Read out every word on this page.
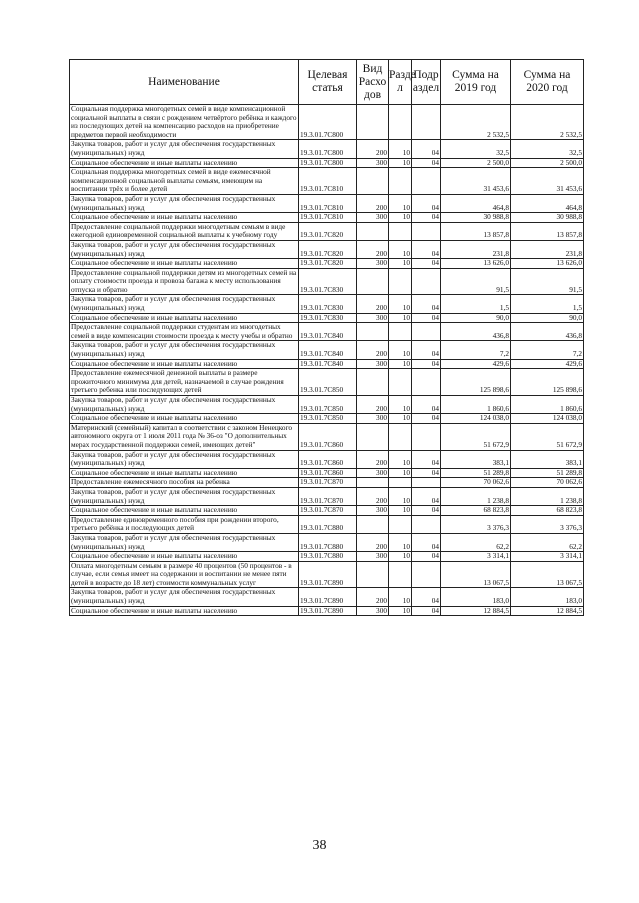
Наименование	Целевая статья	Вид Расхо дов	Разде л	Подр аздел	Сумма на 2019 год	Сумма на 2020 год
Социальная поддержка многодетных семей в виде компенсационной социальной выплаты в связи с рождением четвёртого ребёнка и каждого из последующих детей на компенсацию расходов на приобретение предметов первой необходимости	19.3.01.7С800				2 532,5	2 532,5
Закупка товаров, работ и услуг для обеспечения государственных (муниципальных) нужд	19.3.01.7С800	200	10	04	32,5	32,5
Социальное обеспечение и иные выплаты населению	19.3.01.7С800	300	10	04	2 500,0	2 500,0
Социальная поддержка многодетных семей в виде ежемесячной компенсационной социальной выплаты семьям, имеющим на воспитании трёх и более детей	19.3.01.7С810				31 453,6	31 453,6
Закупка товаров, работ и услуг для обеспечения государственных (муниципальных) нужд	19.3.01.7С810	200	10	04	464,8	464,8
Социальное обеспечение и иные выплаты населению	19.3.01.7С810	300	10	04	30 988,8	30 988,8
Предоставление социальной поддержки многодетным семьям в виде ежегодной единовременной социальной выплаты к учебному году	19.3.01.7С820				13 857,8	13 857,8
Закупка товаров, работ и услуг для обеспечения государственных (муниципальных) нужд	19.3.01.7С820	200	10	04	231,8	231,8
Социальное обеспечение и иные выплаты населению	19.3.01.7С820	300	10	04	13 626,0	13 626,0
Предоставление социальной поддержки детям из многодетных семей на оплату стоимости проезда и провоза багажа к месту использования отпуска и обратно	19.3.01.7С830				91,5	91,5
Закупка товаров, работ и услуг для обеспечения государственных (муниципальных) нужд	19.3.01.7С830	200	10	04	1,5	1,5
Социальное обеспечение и иные выплаты населению	19.3.01.7С830	300	10	04	90,0	90,0
Предоставление социальной поддержки студентам из многодетных семей в виде компенсации стоимости проезда к месту учебы и обратно	19.3.01.7С840				436,8	436,8
Закупка товаров, работ и услуг для обеспечения государственных (муниципальных) нужд	19.3.01.7С840	200	10	04	7,2	7,2
Социальное обеспечение и иные выплаты населению	19.3.01.7С840	300	10	04	429,6	429,6
Предоставление ежемесячной денежной выплаты в размере прожиточного минимума для детей, назначаемой в случае рождения третьего ребенка или последующих детей	19.3.01.7С850				125 898,6	125 898,6
Закупка товаров, работ и услуг для обеспечения государственных (муниципальных) нужд	19.3.01.7С850	200	10	04	1 860,6	1 860,6
Социальное обеспечение и иные выплаты населению	19.3.01.7С850	300	10	04	124 038,0	124 038,0
Материнский (семейный) капитал в соответствии с законом Ненецкого автономного округа от 1 июля 2011 года № 36-оз "О дополнительных мерах государственной поддержки семей, имеющих детей"	19.3.01.7С860				51 672,9	51 672,9
Закупка товаров, работ и услуг для обеспечения государственных (муниципальных) нужд	19.3.01.7С860	200	10	04	383,1	383,1
Социальное обеспечение и иные выплаты населению	19.3.01.7С860	300	10	04	51 289,8	51 289,8
Предоставление ежемесячного пособия на ребенка	19.3.01.7С870				70 062,6	70 062,6
Закупка товаров, работ и услуг для обеспечения государственных (муниципальных) нужд	19.3.01.7С870	200	10	04	1 238,8	1 238,8
Социальное обеспечение и иные выплаты населению	19.3.01.7С870	300	10	04	68 823,8	68 823,8
Предоставление единовременного пособия при рождении второго, третьего ребёнка и последующих детей	19.3.01.7С880				3 376,3	3 376,3
Закупка товаров, работ и услуг для обеспечения государственных (муниципальных) нужд	19.3.01.7С880	200	10	04	62,2	62,2
Социальное обеспечение и иные выплаты населению	19.3.01.7С880	300	10	04	3 314,1	3 314,1
Оплата многодетным семьям в размере 40 процентов (50 процентов - в случае, если семья имеет на содержании и воспитании не менее пяти детей в возрасте до 18 лет) стоимости коммунальных услуг	19.3.01.7С890				13 067,5	13 067,5
Закупка товаров, работ и услуг для обеспечения государственных (муниципальных) нужд	19.3.01.7С890	200	10	04	183,0	183,0
Социальное обеспечение и иные выплаты населению	19.3.01.7С890	300	10	04	12 884,5	12 884,5
38
